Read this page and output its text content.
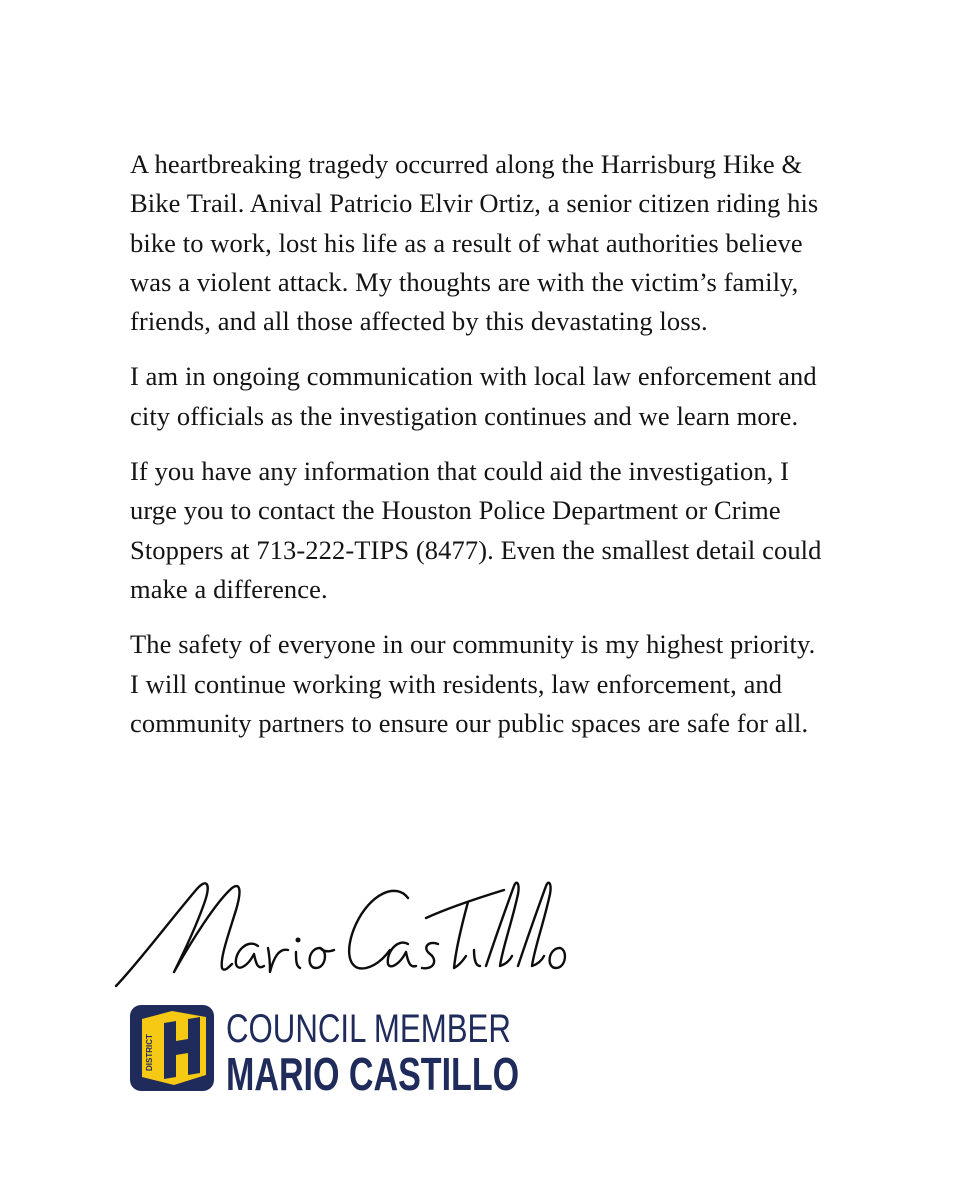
A heartbreaking tragedy occurred along the Harrisburg Hike & Bike Trail. Anival Patricio Elvir Ortiz, a senior citizen riding his bike to work, lost his life as a result of what authorities believe was a violent attack. My thoughts are with the victim’s family, friends, and all those affected by this devastating loss.

I am in ongoing communication with local law enforcement and city officials as the investigation continues and we learn more.

If you have any information that could aid the investigation, I urge you to contact the Houston Police Department or Crime Stoppers at 713-222-TIPS (8477). Even the smallest detail could make a difference.

The safety of everyone in our community is my highest priority. I will continue working with residents, law enforcement, and community partners to ensure our public spaces are safe for all.

DISTRICT
COUNCIL MEMBER
MARIO CASTILLO
